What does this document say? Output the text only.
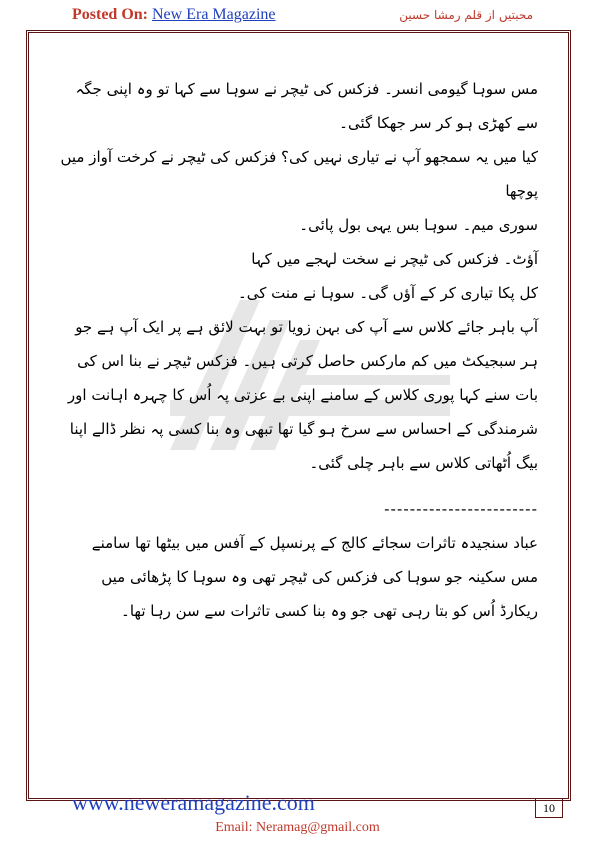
Posted On: New Era Magazine	محبتیں از قلم رمشا حسین

مس سوہا گیومی انسر۔ فزکس کی ٹیچر نے سوہا سے کہا تو وہ اپنی جگہ سے کھڑی ہو کر سر جھکا گئی۔

کیا میں یہ سمجھو آپ نے تیاری نہیں کی؟ فزکس کی ٹیچر نے کرخت آواز میں پوچھا

سوری میم۔ سوہا بس یہی بول پائی۔

آؤٹ۔ فزکس کی ٹیچر نے سخت لہجے میں کہا

کل پکا تیاری کر کے آؤں گی۔ سوہا نے منت کی۔

آپ باہر جائے کلاس سے آپ کی بہن زویا تو بہت لائق ہے پر ایک آپ ہے جو ہر سبجیکٹ میں کم مارکس حاصل کرتی ہیں۔ فزکس ٹیچر نے بنا اس کی بات سنے کہا پوری کلاس کے سامنے اپنی بے عزتی پہ اُس کا چہرہ اہانت اور شرمندگی کے احساس سے سرخ ہو گیا تھا تبھی وہ بنا کسی پہ نظر ڈالے اپنا بیگ اُٹھاتی کلاس سے باہر چلی گئی۔

------------------------

عباد سنجیدہ تاثرات سجائے کالج کے پرنسپل کے آفس میں بیٹھا تھا سامنے مس سکینہ جو سوہا کی فزکس کی ٹیچر تھی وہ سوہا کا پڑھائی میں ریکارڈ اُس کو بتا رہی تھی جو وہ بنا کسی تاثرات سے سن رہا تھا۔

www.neweramagazine.com	10
Email: Neramag@gmail.com
